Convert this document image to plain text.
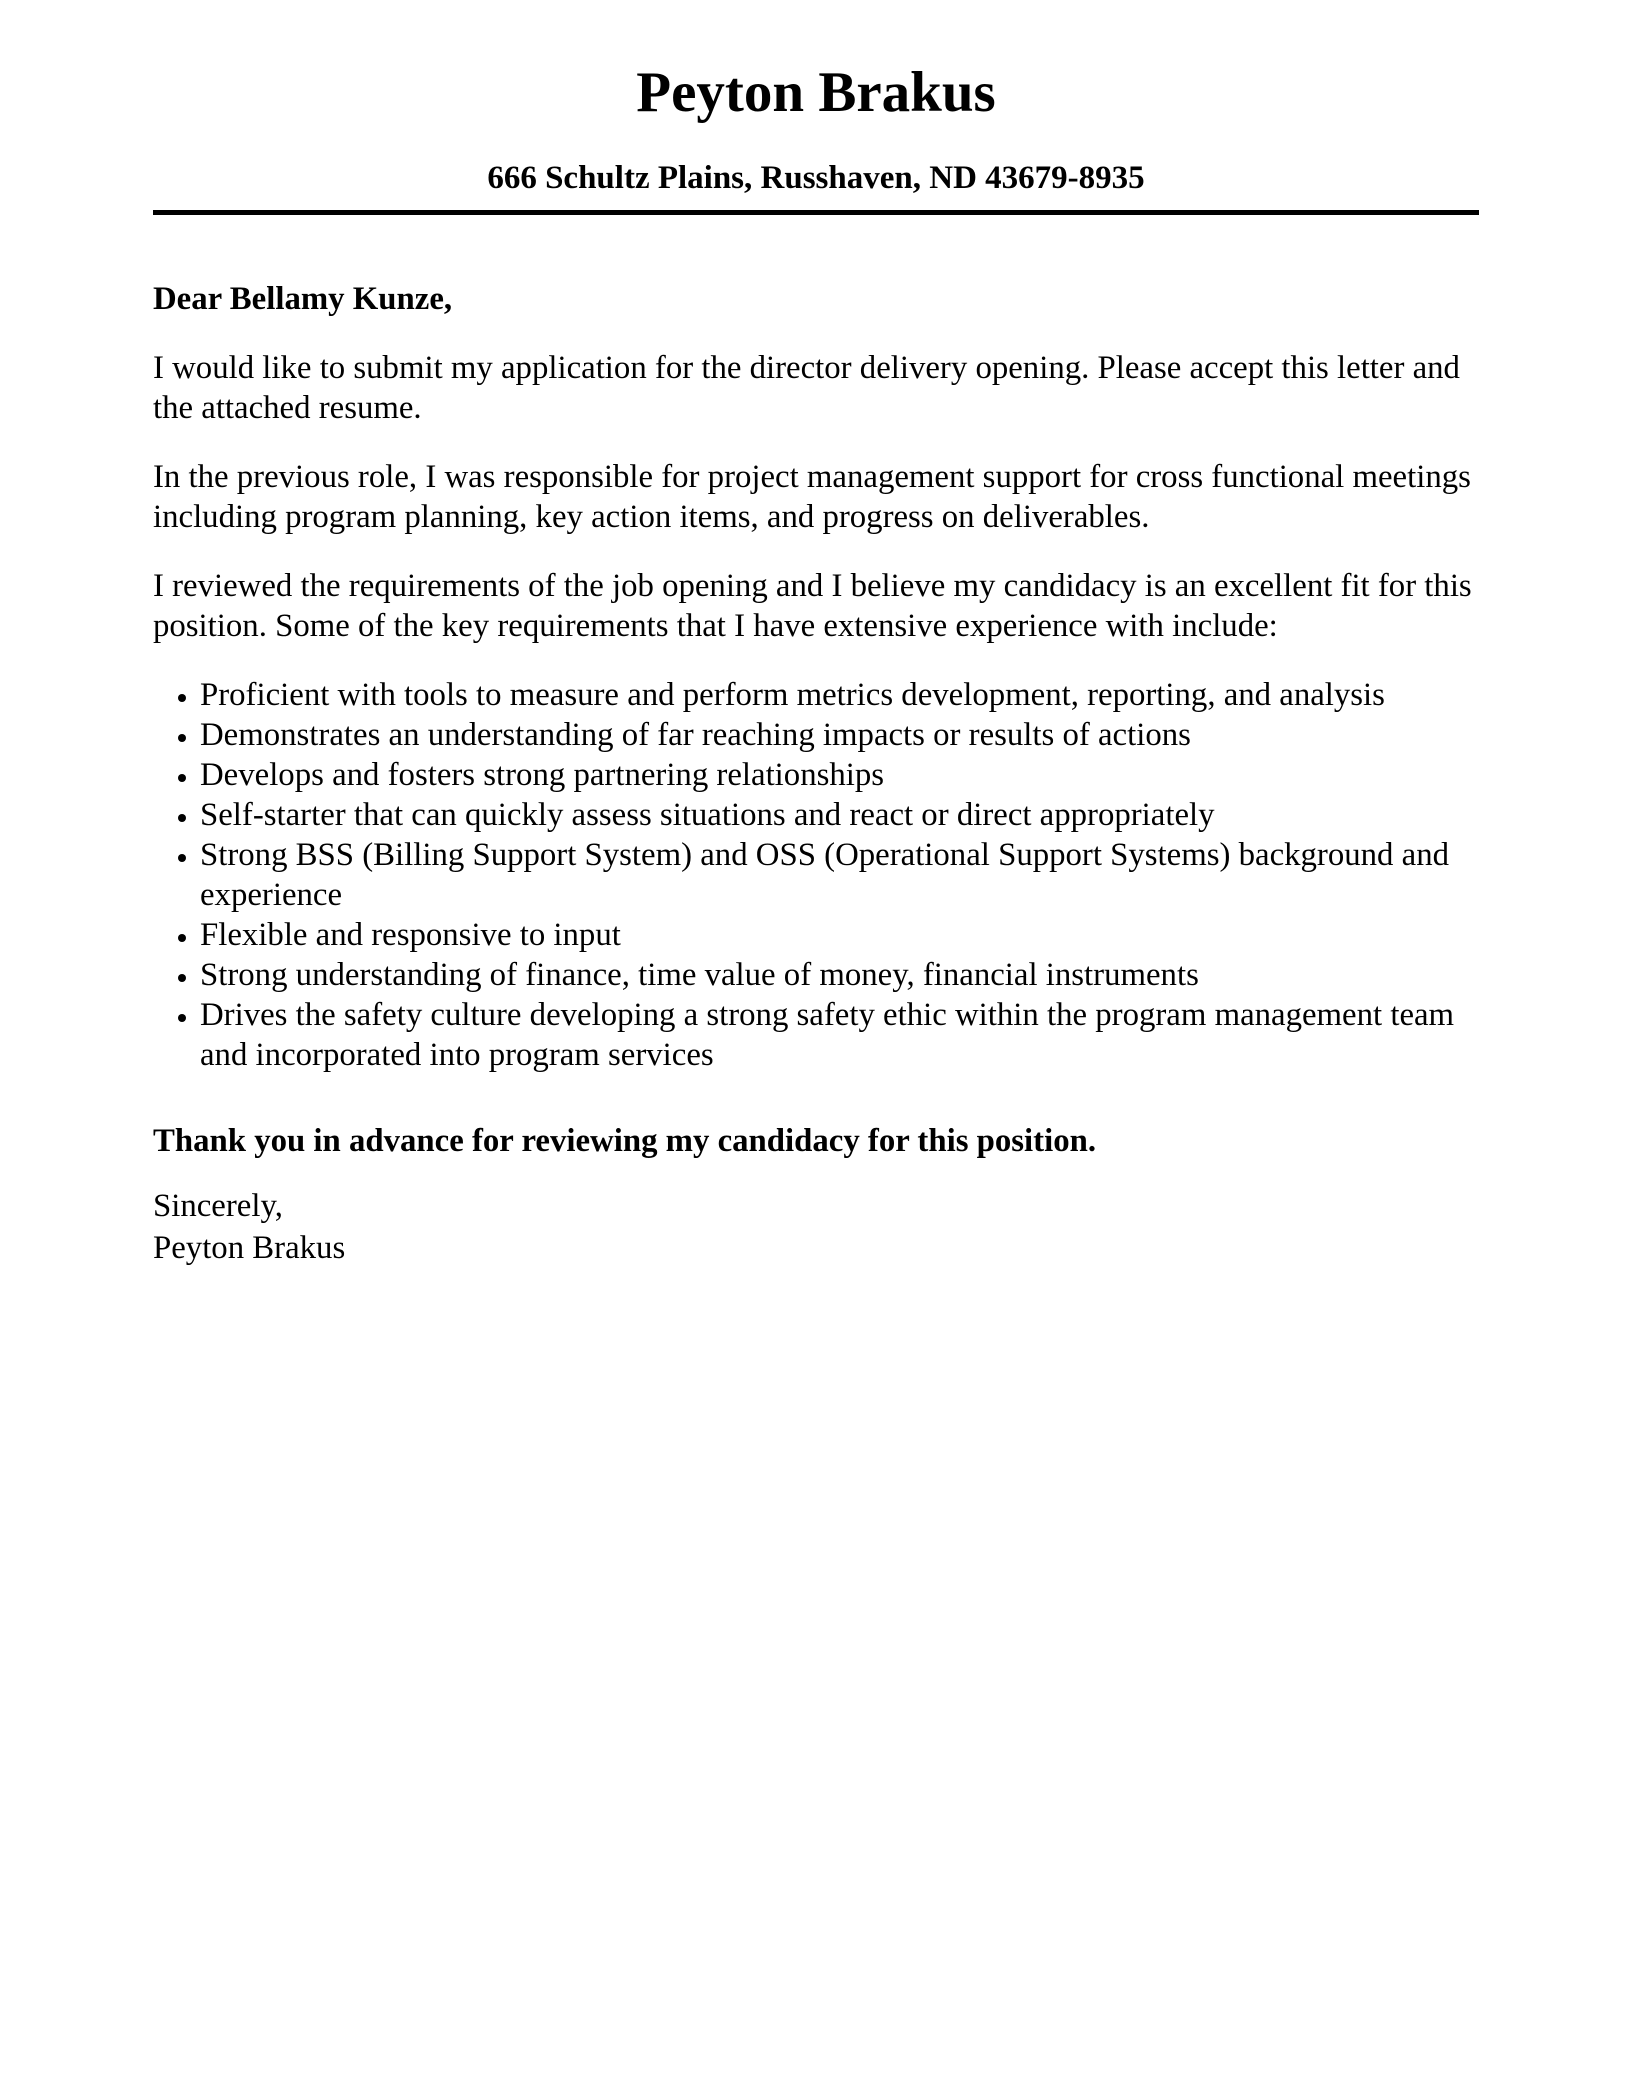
Peyton Brakus
666 Schultz Plains, Russhaven, ND 43679-8935

Dear Bellamy Kunze,

I would like to submit my application for the director delivery opening. Please accept this letter and the attached resume.

In the previous role, I was responsible for project management support for cross functional meetings including program planning, key action items, and progress on deliverables.

I reviewed the requirements of the job opening and I believe my candidacy is an excellent fit for this position. Some of the key requirements that I have extensive experience with include:

• Proficient with tools to measure and perform metrics development, reporting, and analysis
• Demonstrates an understanding of far reaching impacts or results of actions
• Develops and fosters strong partnering relationships
• Self-starter that can quickly assess situations and react or direct appropriately
• Strong BSS (Billing Support System) and OSS (Operational Support Systems) background and experience
• Flexible and responsive to input
• Strong understanding of finance, time value of money, financial instruments
• Drives the safety culture developing a strong safety ethic within the program management team and incorporated into program services

Thank you in advance for reviewing my candidacy for this position.

Sincerely,

Peyton Brakus
